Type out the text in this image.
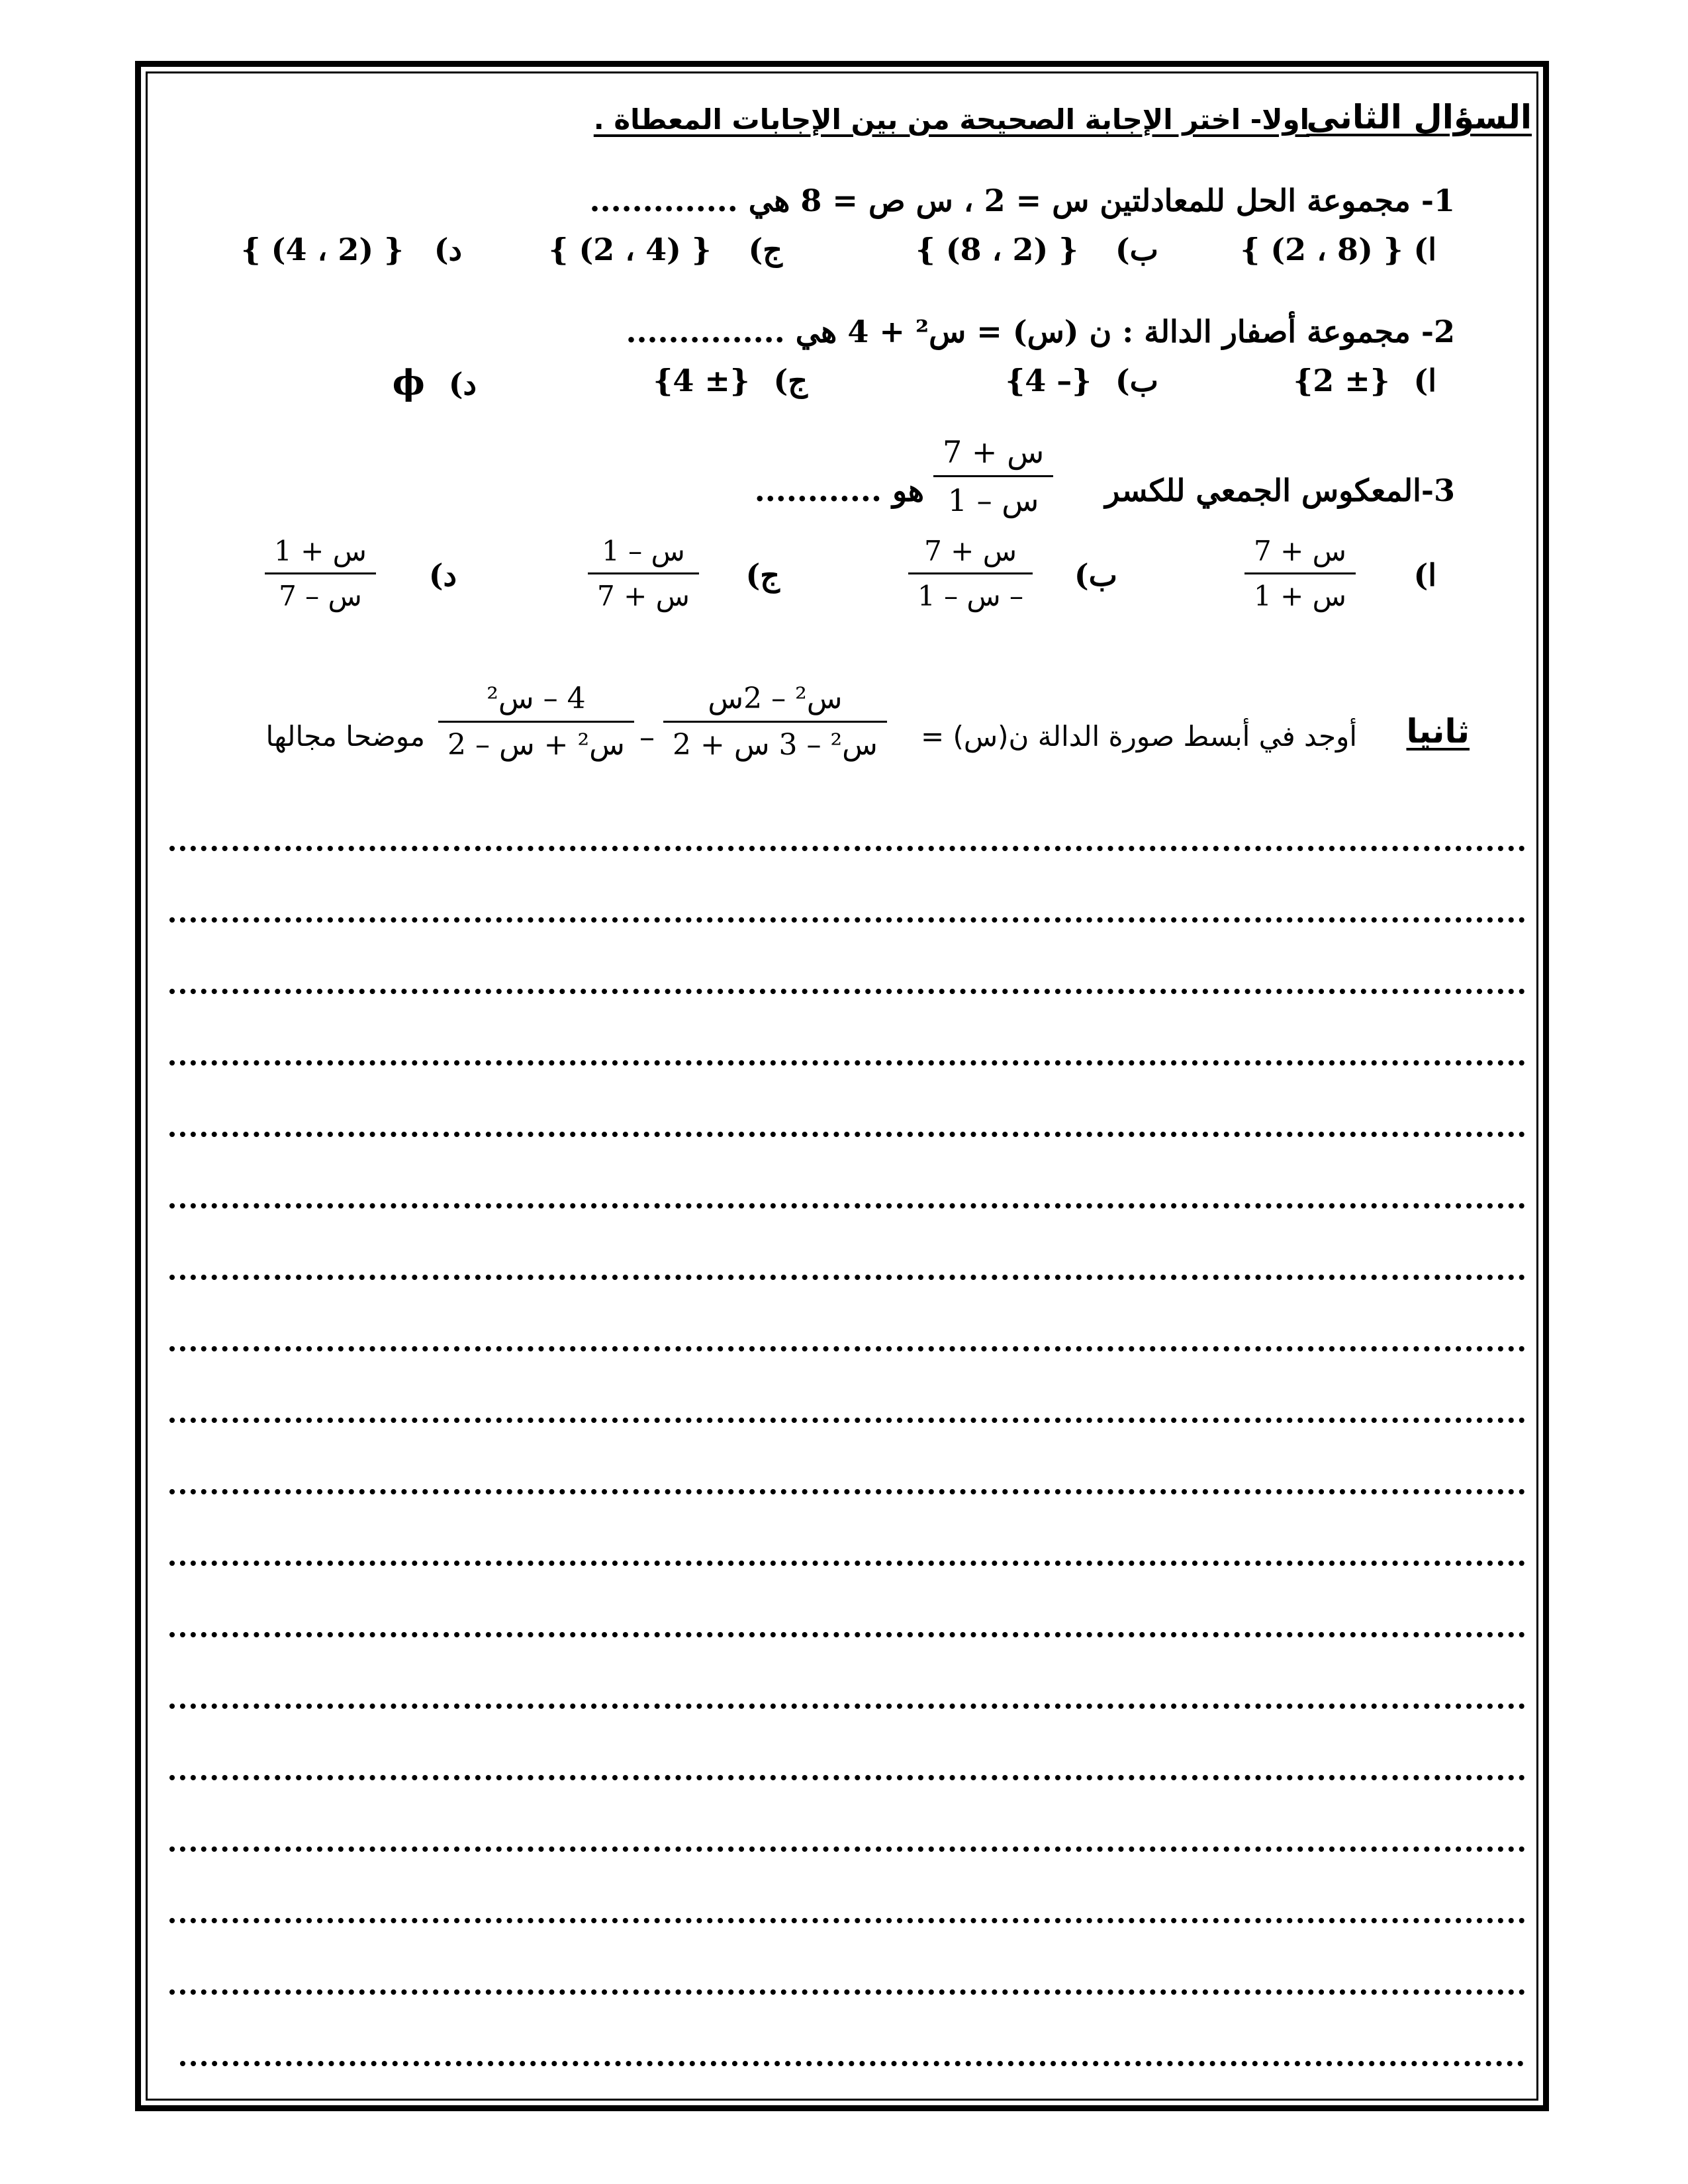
السؤال الثانى
اولا- اختر الإجابة الصحيحة من بين الإجابات المعطاة .
1- مجموعة الحل للمعادلتين س = 2 ، س ص = 8 هي ..............
ا) { (8 ، 2) }
ب) { (2 ، 8) }
ج) { (4 ، 2) }
د) { (2 ، 4) }
2- مجموعة أصفار الدالة : ن (س) = س² + 4 هي ...............
ا) {± 2}
ب) {– 4}
ج) {± 4}
د) ϕ
3-المعكوس الجمعي للكسر
س + 7
س – 1
هو ............
ا)
س + 7
س + 1
ب)
س + 7
– س – 1
ج)
س – 1
س + 7
د)
س + 1
س – 7
ثانيا
أوجد في أبسط صورة الدالة ن(س) =
س² – 2س
س² – 3 س + 2
–
4 – س²
س² + س – 2
موضحا مجالها
